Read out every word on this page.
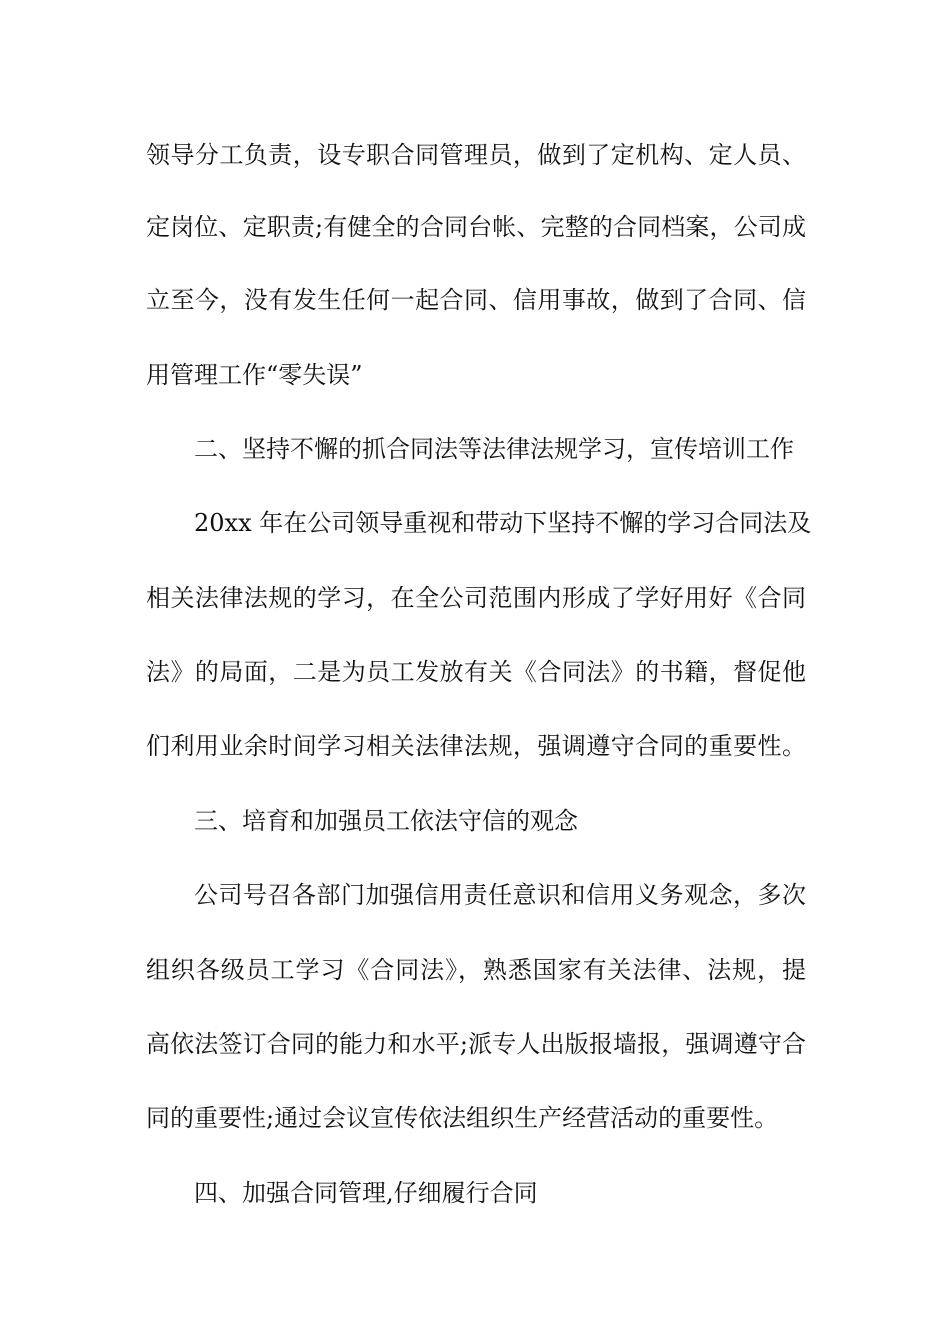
领导分工负责，设专职合同管理员，做到了定机构、定人员、
定岗位、定职责;有健全的合同台帐、完整的合同档案，公司成
立至今，没有发生任何一起合同、信用事故，做到了合同、信
用管理工作“零失误”
二、坚持不懈的抓合同法等法律法规学习，宣传培训工作
20xx 年在公司领导重视和带动下坚持不懈的学习合同法及
相关法律法规的学习，在全公司范围内形成了学好用好《合同
法》的局面，二是为员工发放有关《合同法》的书籍，督促他
们利用业余时间学习相关法律法规，强调遵守合同的重要性。
三、培育和加强员工依法守信的观念
公司号召各部门加强信用责任意识和信用义务观念，多次
组织各级员工学习《合同法》，熟悉国家有关法律、法规，提
高依法签订合同的能力和水平;派专人出版报墙报，强调遵守合
同的重要性;通过会议宣传依法组织生产经营活动的重要性。
四、加强合同管理,仔细履行合同
